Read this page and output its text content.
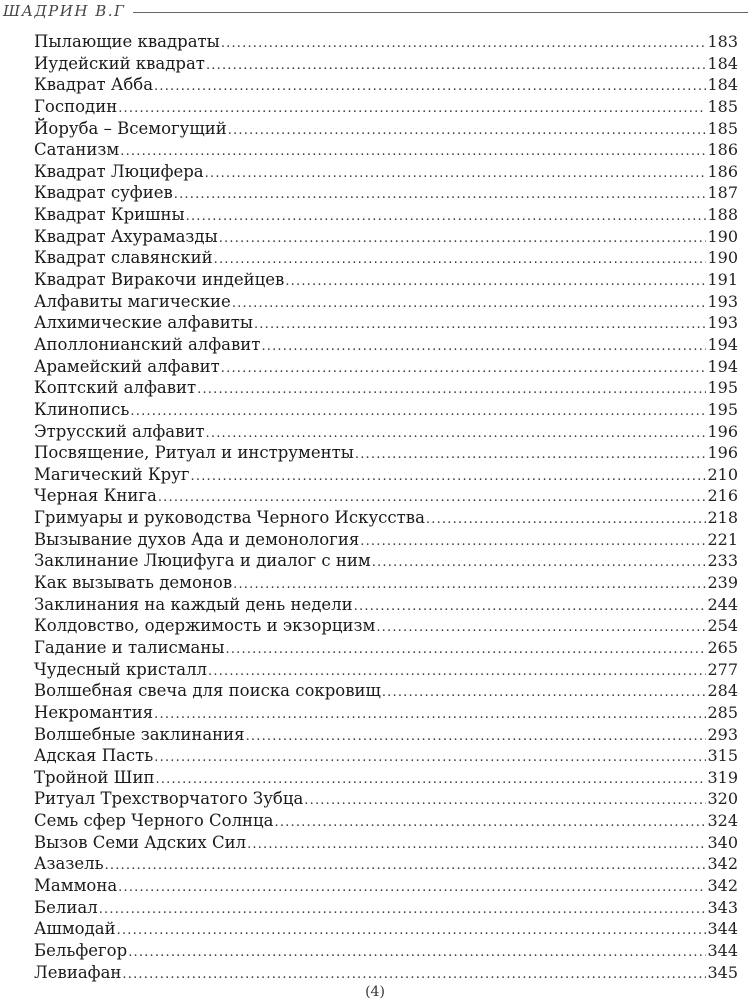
ШАДРИН В.Г
Пылающие квадраты .....	183
Иудейский квадрат .....	184
Квадрат Абба .....	184
Господин .....	185
Йоруба – Всемогущий .....	185
Сатанизм .....	186
Квадрат Люцифера .....	186
Квадрат суфиев .....	187
Квадрат Кришны .....	188
Квадрат Ахурамазды .....	190
Квадрат славянский .....	190
Квадрат Виракочи индейцев .....	191
Алфавиты магические .....	193
Алхимические алфавиты .....	193
Аполлонианский алфавит .....	194
Арамейский алфавит .....	194
Коптский алфавит .....	195
Клинопись .....	195
Этрусский алфавит .....	196
Посвящение, Ритуал и инструменты .....	196
Магический Круг .....	210
Черная Книга .....	216
Гримуары и руководства Черного Искусства .....	218
Вызывание духов Ада и демонология .....	221
Заклинание Люцифуга и диалог с ним .....	233
Как вызывать демонов .....	239
Заклинания на каждый день недели .....	244
Колдовство, одержимость и экзорцизм .....	254
Гадание и талисманы .....	265
Чудесный кристалл .....	277
Волшебная свеча для поиска сокровищ .....	284
Некромантия .....	285
Волшебные заклинания .....	293
Адская Пасть .....	315
Тройной Шип .....	319
Ритуал Трехстворчатого Зубца .....	320
Семь сфер Черного Солнца .....	324
Вызов Семи Адских Сил .....	340
Азазель .....	342
Маммона .....	342
Белиал .....	343
Ашмодай .....	344
Бельфегор .....	344
Левиафан .....	345
(4)
